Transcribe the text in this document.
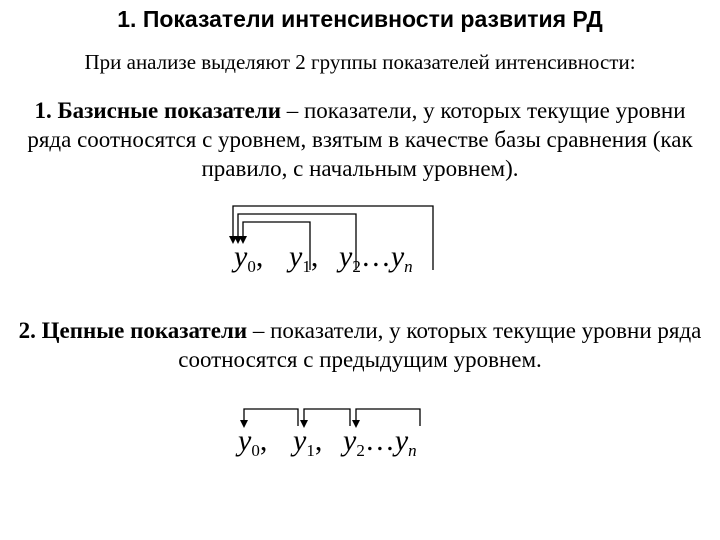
1. Показатели интенсивности развития РД
При анализе выделяют 2 группы показателей интенсивности:
1. Базисные показатели – показатели, у которых текущие уровни ряда соотносятся с уровнем, взятым в качестве базы сравнения (как правило, с начальным уровнем).
$y_0$, $y_1$, $y_2\dots y_n$
2. Цепные показатели – показатели, у которых текущие уровни ряда соотносятся с предыдущим уровнем.
$y_0$, $y_1$, $y_2\dots y_n$
